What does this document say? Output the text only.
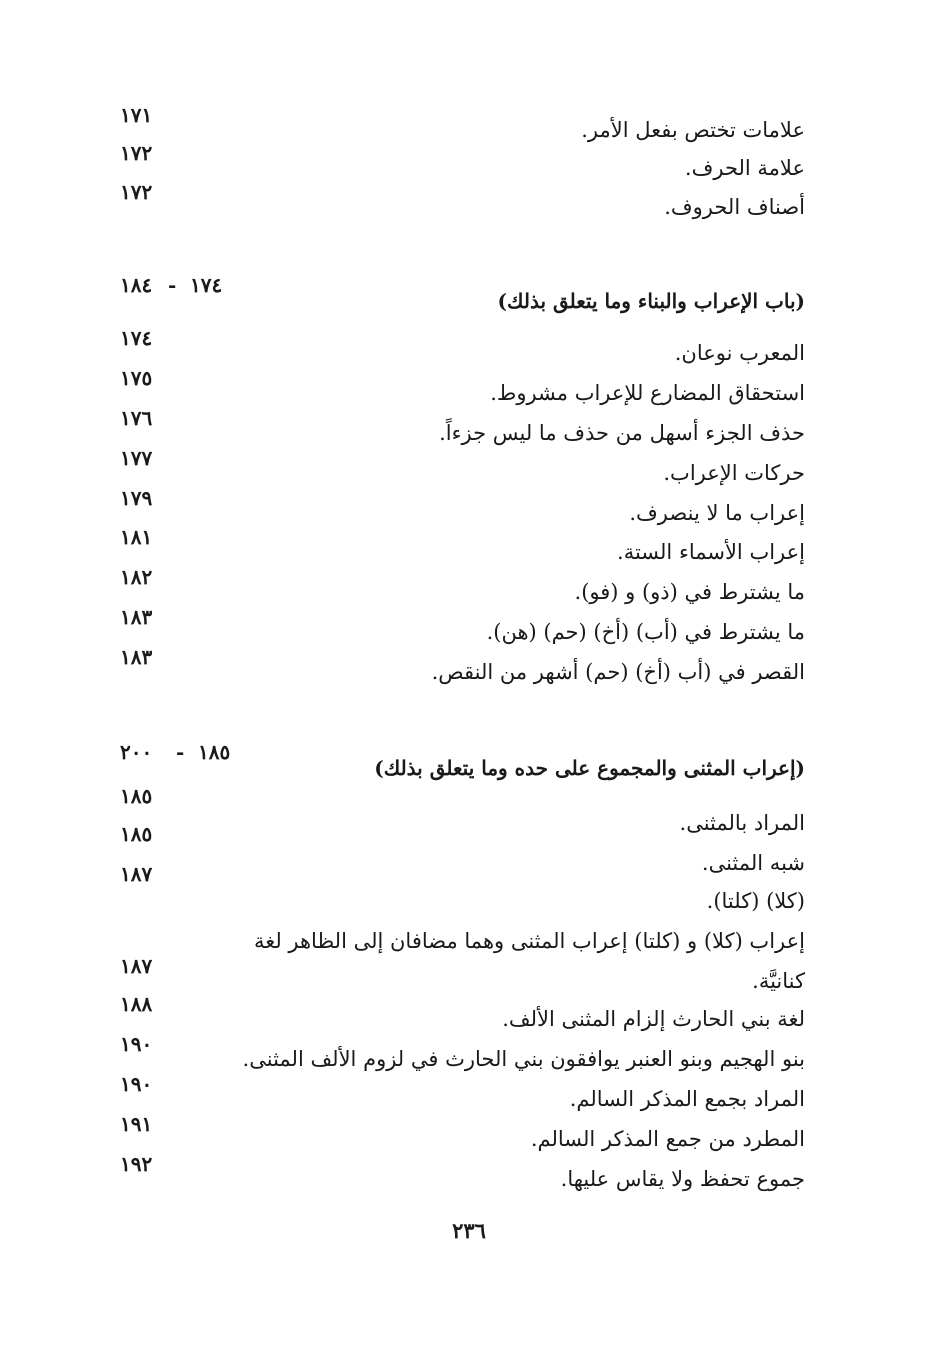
١٧١
علامات تختص بفعل الأمر.
١٧٢
علامة الحرف.
١٧٢
أصناف الحروف.
١٨٤ - ١٧٤
(باب الإعراب والبناء وما يتعلق بذلك)
١٧٤
المعرب نوعان.
١٧٥
استحقاق المضارع للإعراب مشروط.
١٧٦
حذف الجزء أسهل من حذف ما ليس جزءاً.
١٧٧
حركات الإعراب.
١٧٩
إعراب ما لا ينصرف.
١٨١
إعراب الأسماء الستة.
١٨٢
ما يشترط في (ذو) و (فو).
١٨٣
ما يشترط في (أب) (أخ) (حم) (هن).
١٨٣
القصر في (أب (أخ) (حم) أشهر من النقص.
٢٠٠ - ١٨٥
(إعراب المثنى والمجموع على حده وما يتعلق بذلك)
١٨٥
المراد بالمثنى.
١٨٥
شبه المثنى.
١٨٧
(كلا) (كلتا).
إعراب (كلا) و (كلتا) إعراب المثنى وهما مضافان إلى الظاهر لغة
١٨٧
كنانيَّة.
١٨٨
لغة بني الحارث إلزام المثنى الألف.
١٩٠
بنو الهجيم وبنو العنبر يوافقون بني الحارث في لزوم الألف المثنى.
١٩٠
المراد بجمع المذكر السالم.
١٩١
المطرد من جمع المذكر السالم.
١٩٢
جموع تحفظ ولا يقاس عليها.
٢٣٦
